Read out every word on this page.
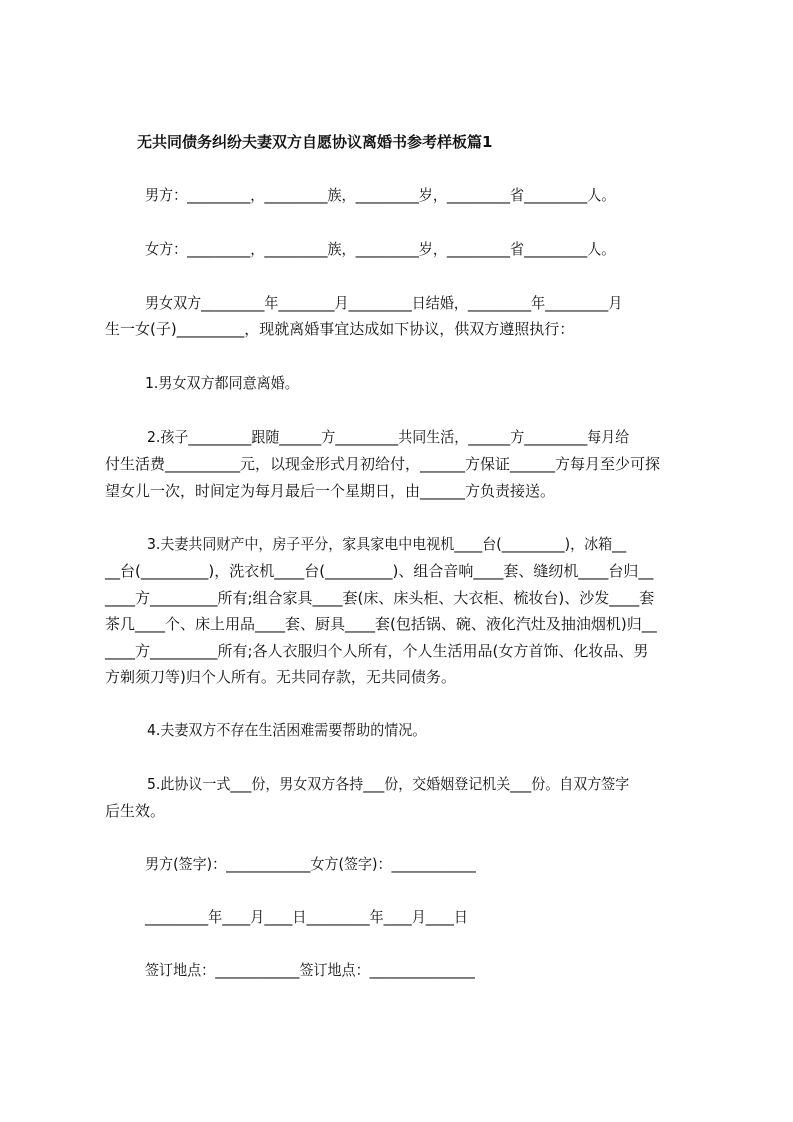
无共同债务纠纷夫妻双方自愿协议离婚书参考样板篇1
男方：_________，_________族，_________岁，_________省_________人。
女方：_________，_________族，_________岁，_________省_________人。
男女双方_________年________月_________日结婚，_________年_________月
生一女(子)_________，现就离婚事宜达成如下协议，供双方遵照执行：
1.男女双方都同意离婚。
2.孩子_________跟随______方_________共同生活，______方_________每月给
付生活费__________元，以现金形式月初给付，______方保证______方每月至少可探
望女儿一次，时间定为每月最后一个星期日，由______方负责接送。
3.夫妻共同财产中，房子平分，家具家电中电视机____台(_________)，冰箱__
__台(_________)，洗衣机____台(_________)、组合音响____套、缝纫机____台归__
____方_________所有;组合家具____套(床、床头柜、大衣柜、梳妆台)、沙发____套
茶几____个、床上用品____套、厨具____套(包括锅、碗、液化汽灶及抽油烟机)归__
____方_________所有;各人衣服归个人所有，个人生活用品(女方首饰、化妆品、男
方剃须刀等)归个人所有。无共同存款，无共同债务。
4.夫妻双方不存在生活困难需要帮助的情况。
5.此协议一式___份，男女双方各持___份，交婚姻登记机关___份。自双方签字
后生效。
男方(签字)：____________女方(签字)：____________
_________年____月____日_________年____月____日
签订地点：____________签订地点：_______________
